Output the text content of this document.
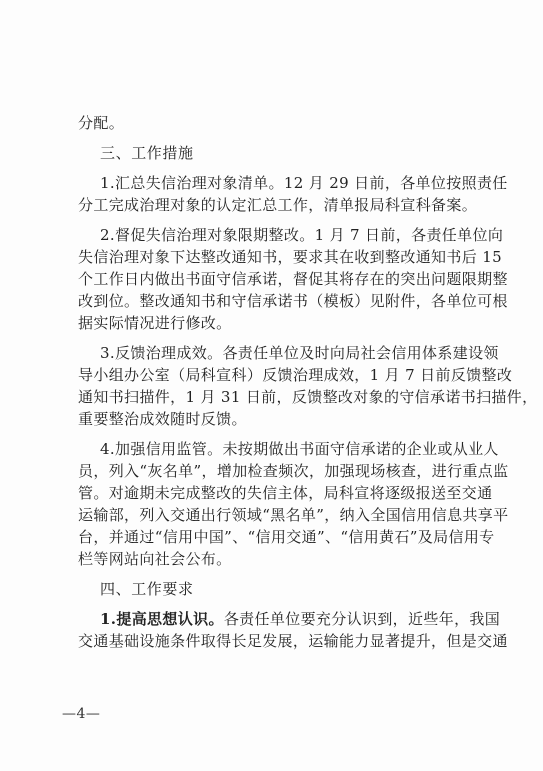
分配。

三、工作措施

1.汇总失信治理对象清单。12 月 29 日前，各单位按照责任

分工完成治理对象的认定汇总工作，清单报局科宣科备案。

2.督促失信治理对象限期整改。1 月 7 日前，各责任单位向

失信治理对象下达整改通知书，要求其在收到整改通知书后 15

个工作日内做出书面守信承诺，督促其将存在的突出问题限期整

改到位。整改通知书和守信承诺书（模板）见附件，各单位可根

据实际情况进行修改。

3.反馈治理成效。各责任单位及时向局社会信用体系建设领

导小组办公室（局科宣科）反馈治理成效，1 月 7 日前反馈整改

通知书扫描件，1 月 31 日前，反馈整改对象的守信承诺书扫描件，

重要整治成效随时反馈。

4.加强信用监管。未按期做出书面守信承诺的企业或从业人

员，列入“灰名单”，增加检查频次，加强现场核查，进行重点监

管。对逾期未完成整改的失信主体，局科宣将逐级报送至交通

运输部，列入交通出行领域“黑名单”，纳入全国信用信息共享平

台，并通过“信用中国”、“信用交通”、“信用黄石”及局信用专

栏等网站向社会公布。

四、工作要求

1.提高思想认识。各责任单位要充分认识到，近些年，我国

交通基础设施条件取得长足发展，运输能力显著提升，但是交通

—4—
